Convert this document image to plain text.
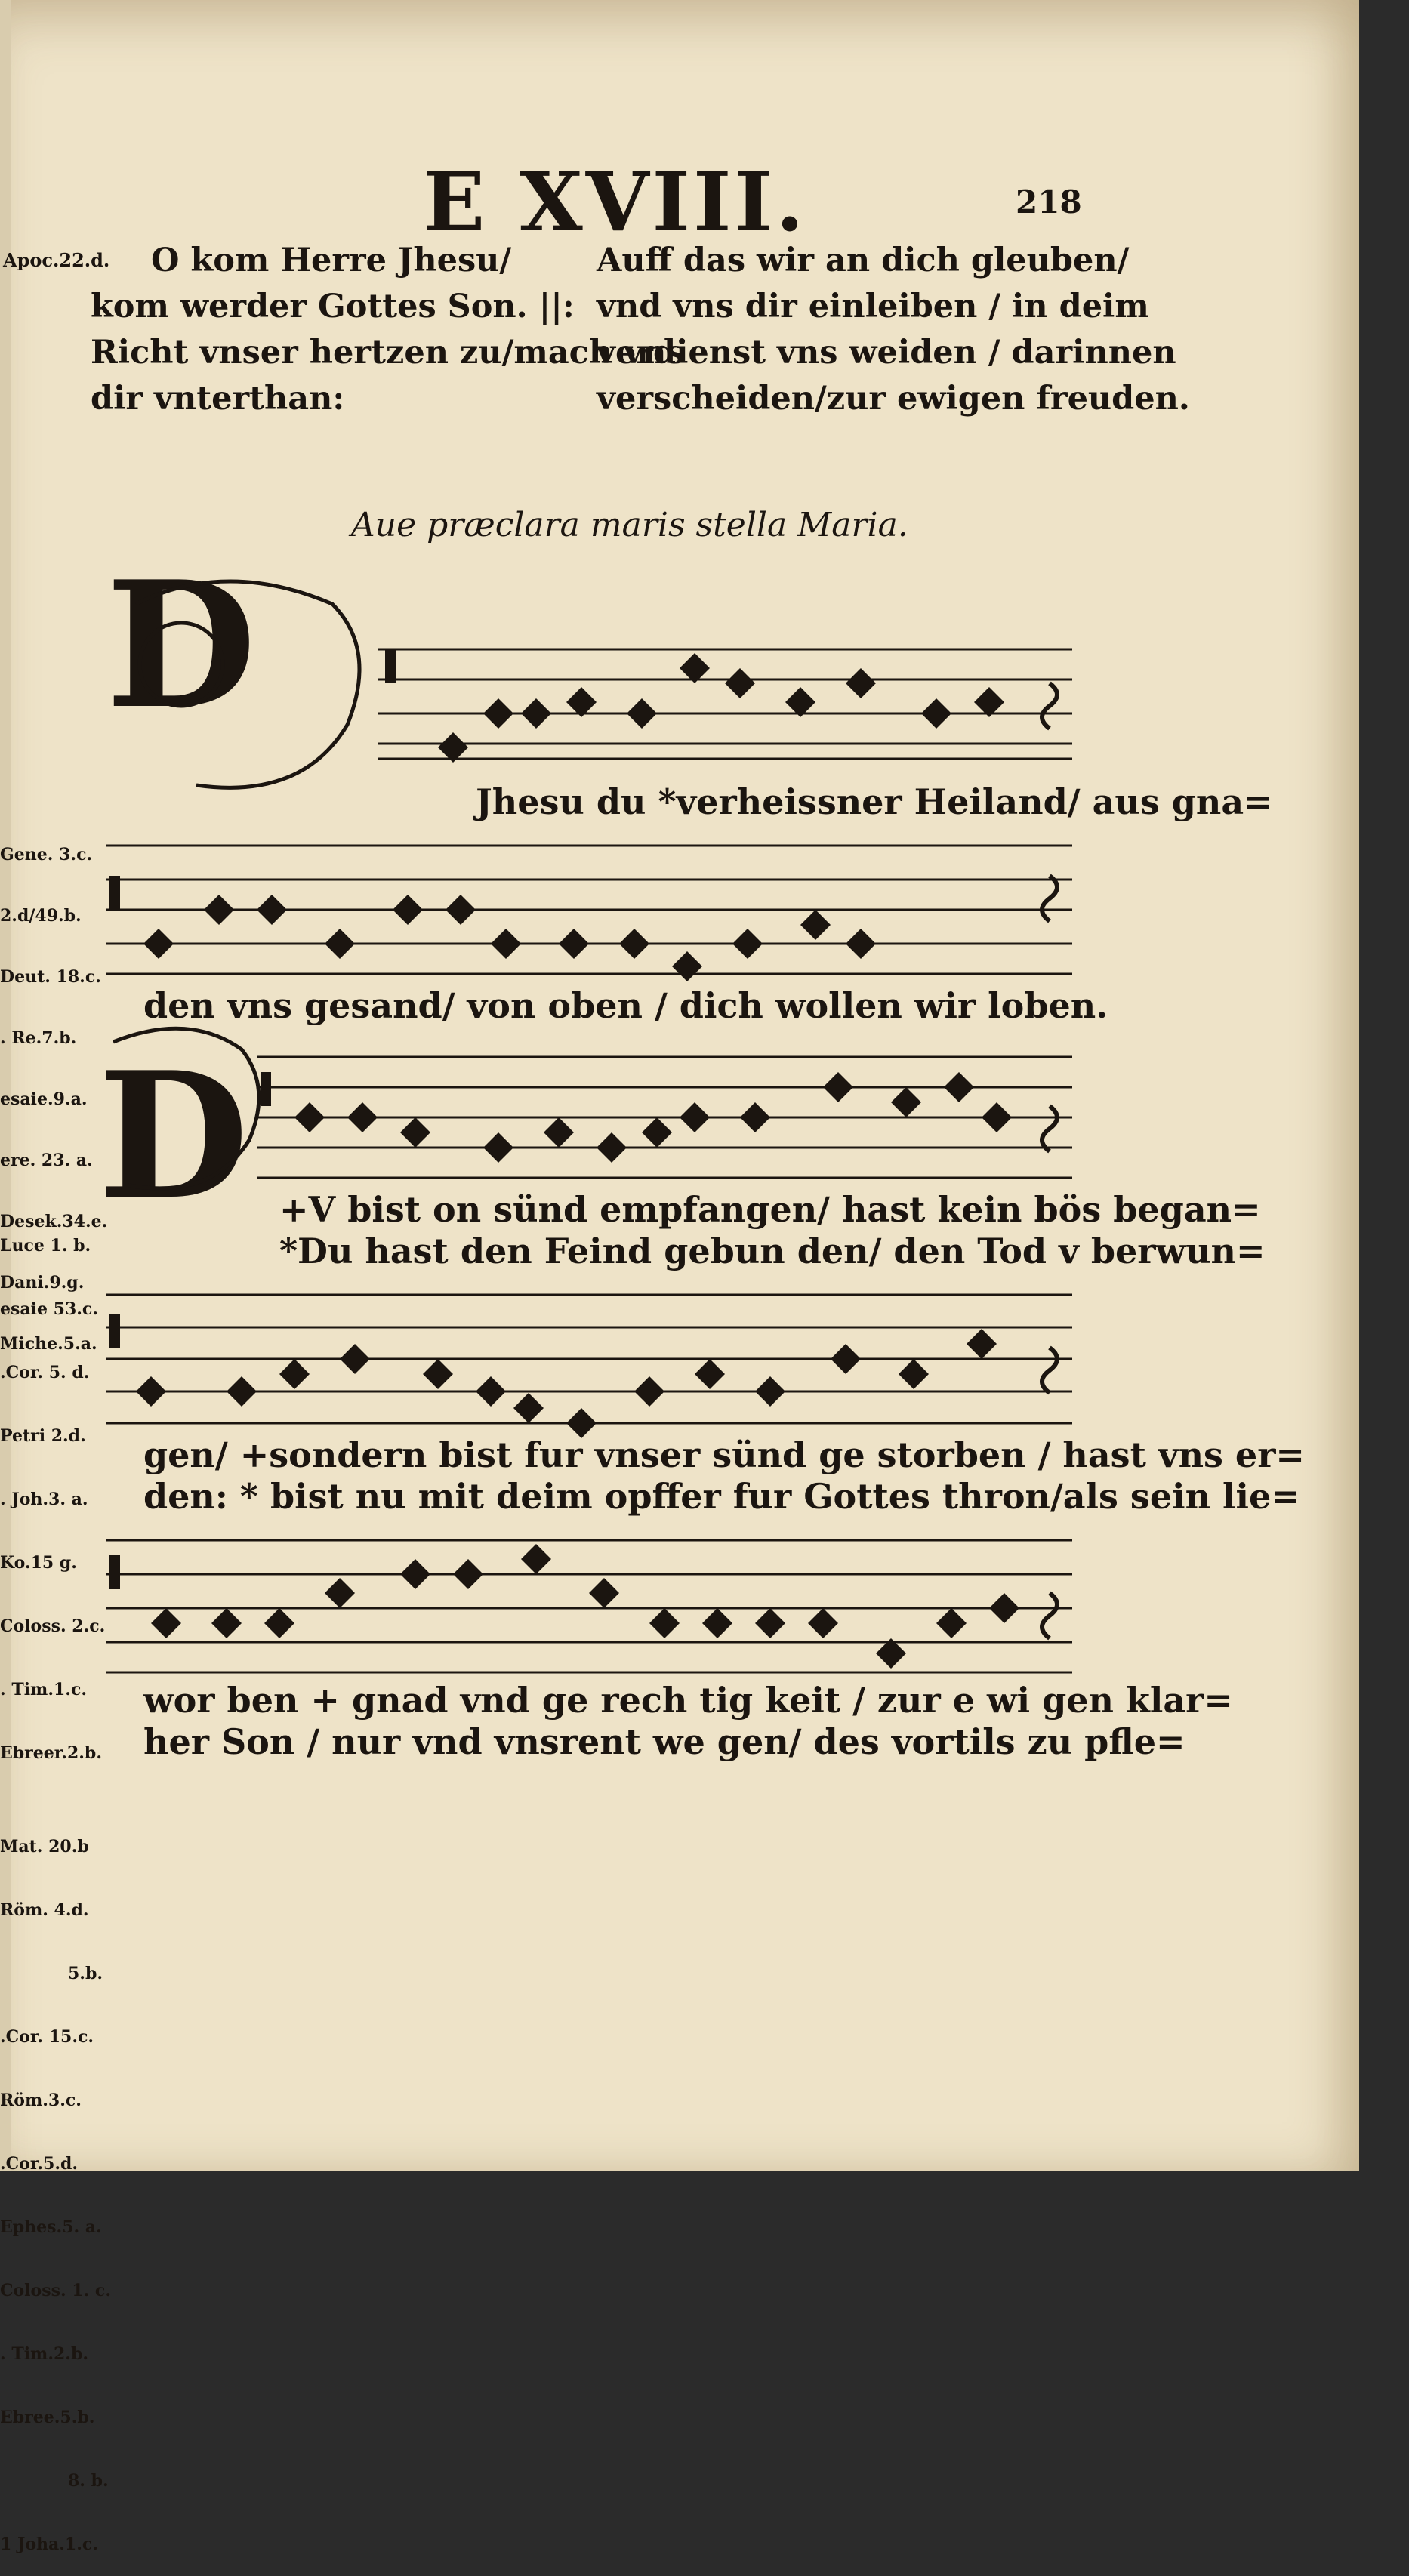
E XVIII.	218
Apoc.22.d.	O kom Herre Jhesu/
kom werder Gottes Son. ||:
Richt vnser hertzen zu/mach vns
dir vnterthan:
Auff das wir an dich gleuben/
vnd vns dir einleiben / in deim
verdienst vns weiden / darinnen
verscheiden/zur ewigen freuden.
Aue præclara maris stella Maria.
D
D

Gene. 3.c.

2.d/49.b.

Deut. 18.c.

. Re.7.b.

esaie.9.a.

ere. 23. a.

Desek.34.e.

Dani.9.g.

Miche.5.a.

Luce 1. b.

esaie 53.c.

.Cor. 5. d.

Petri 2.d.

. Joh.3. a.

Ko.15 g.

Coloss. 2.c.

. Tim.1.c.

Ebreer.2.b.

Mat. 20.b

Röm. 4.d.

5.b.

.Cor. 15.c.

Röm.3.c.

.Cor.5.d.

Ephes.5. a.

Coloss. 1. c.

. Tim.2.b.

Ebree.5.b.

8. b.

1 Joha.1.c.

Jhesu du *verheissner Heiland/ aus gna=
den vns gesand/ von oben / dich wollen wir loben.
+V bist on sünd empfangen/ hast kein bös began=
*Du hast den Feind gebun den/ den Tod v berwun=
gen/ +sondern bist fur vnser sünd ge storben / hast vns er=
den: * bist nu mit deim opffer fur Gottes thron/als sein lie=
wor ben + gnad vnd ge rech tig keit / zur e wi gen klar=
her Son / nur vnd vnsrent we gen/ des vortils zu pfle=
